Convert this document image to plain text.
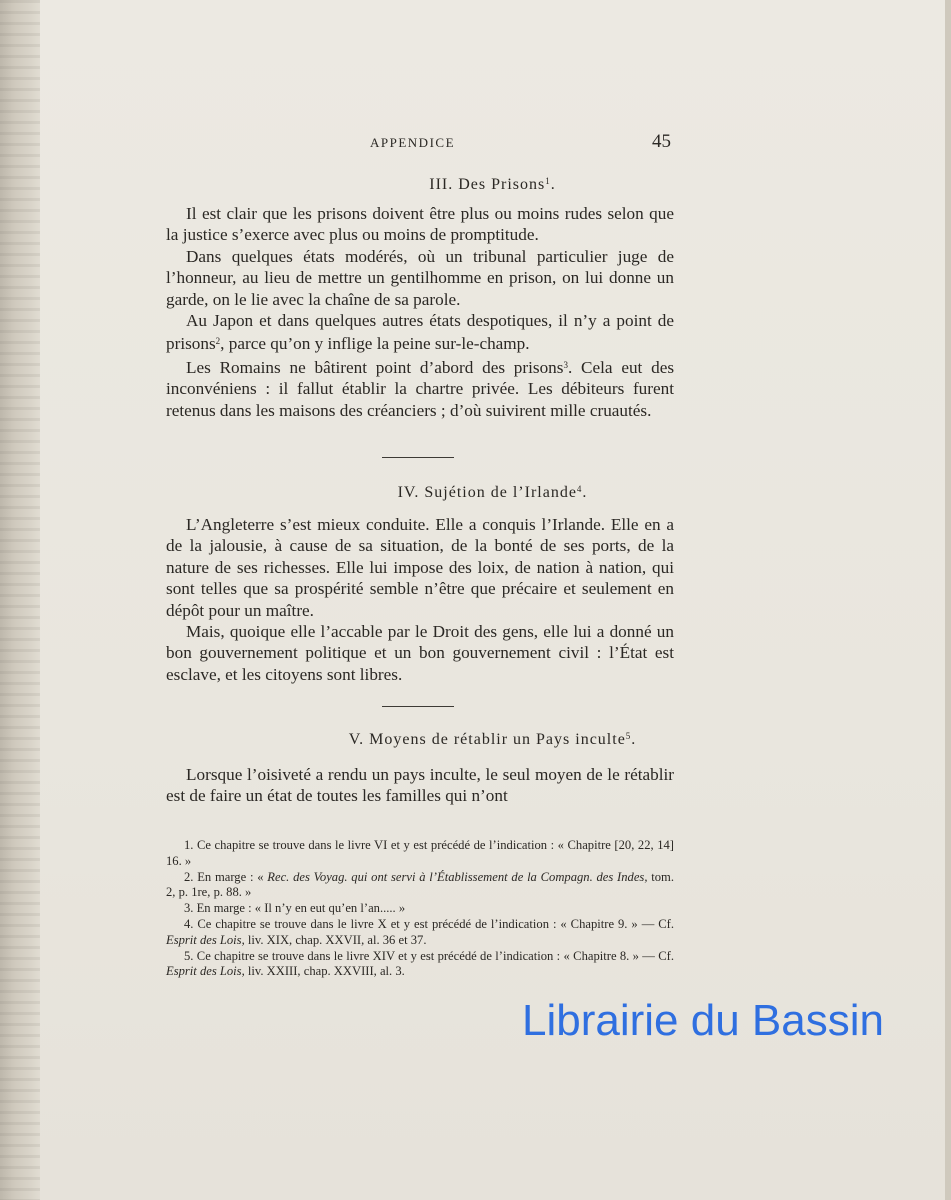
APPENDICE	45
III. Des Prisons$^1$.

Il est clair que les prisons doivent être plus ou moins rudes selon que la justice s’exerce avec plus ou moins de promptitude.

Dans quelques états modérés, où un tribunal particulier juge de l’honneur, au lieu de mettre un gentilhomme en prison, on lui donne un garde, on le lie avec la chaîne de sa parole.

Au Japon et dans quelques autres états despotiques, il n’y a point de prisons$^2$, parce qu’on y inflige la peine sur-le-champ.

Les Romains ne bâtirent point d’abord des prisons$^3$. Cela eut des inconvéniens : il fallut établir la chartre privée. Les débiteurs furent retenus dans les maisons des créanciers ; d’où suivirent mille cruautés.

IV. Sujétion de l’Irlande$^4$.

L’Angleterre s’est mieux conduite. Elle a conquis l’Irlande. Elle en a de la jalousie, à cause de sa situation, de la bonté de ses ports, de la nature de ses richesses. Elle lui impose des loix, de nation à nation, qui sont telles que sa prospérité semble n’être que précaire et seulement en dépôt pour un maître.

Mais, quoique elle l’accable par le Droit des gens, elle lui a donné un bon gouvernement politique et un bon gouvernement civil : l’État est esclave, et les citoyens sont libres.

V. Moyens de rétablir un Pays inculte$^5$.

Lorsque l’oisiveté a rendu un pays inculte, le seul moyen de le rétablir est de faire un état de toutes les familles qui n’ont

1. Ce chapitre se trouve dans le livre VI et y est précédé de l’indication : « Chapitre [20, 22, 14] 16. »

2. En marge : « Rec. des Voyag. qui ont servi à l’Établissement de la Compagn. des Indes, tom. 2, p. 1re, p. 88. »

3. En marge : « Il n’y en eut qu’en l’an..... »

4. Ce chapitre se trouve dans le livre X et y est précédé de l’indication : « Chapitre 9. » — Cf. Esprit des Lois, liv. XIX, chap. XXVII, al. 36 et 37.

5. Ce chapitre se trouve dans le livre XIV et y est précédé de l’indication : « Chapitre 8. » — Cf. Esprit des Lois, liv. XXIII, chap. XXVIII, al. 3.

Librairie du Bassin
